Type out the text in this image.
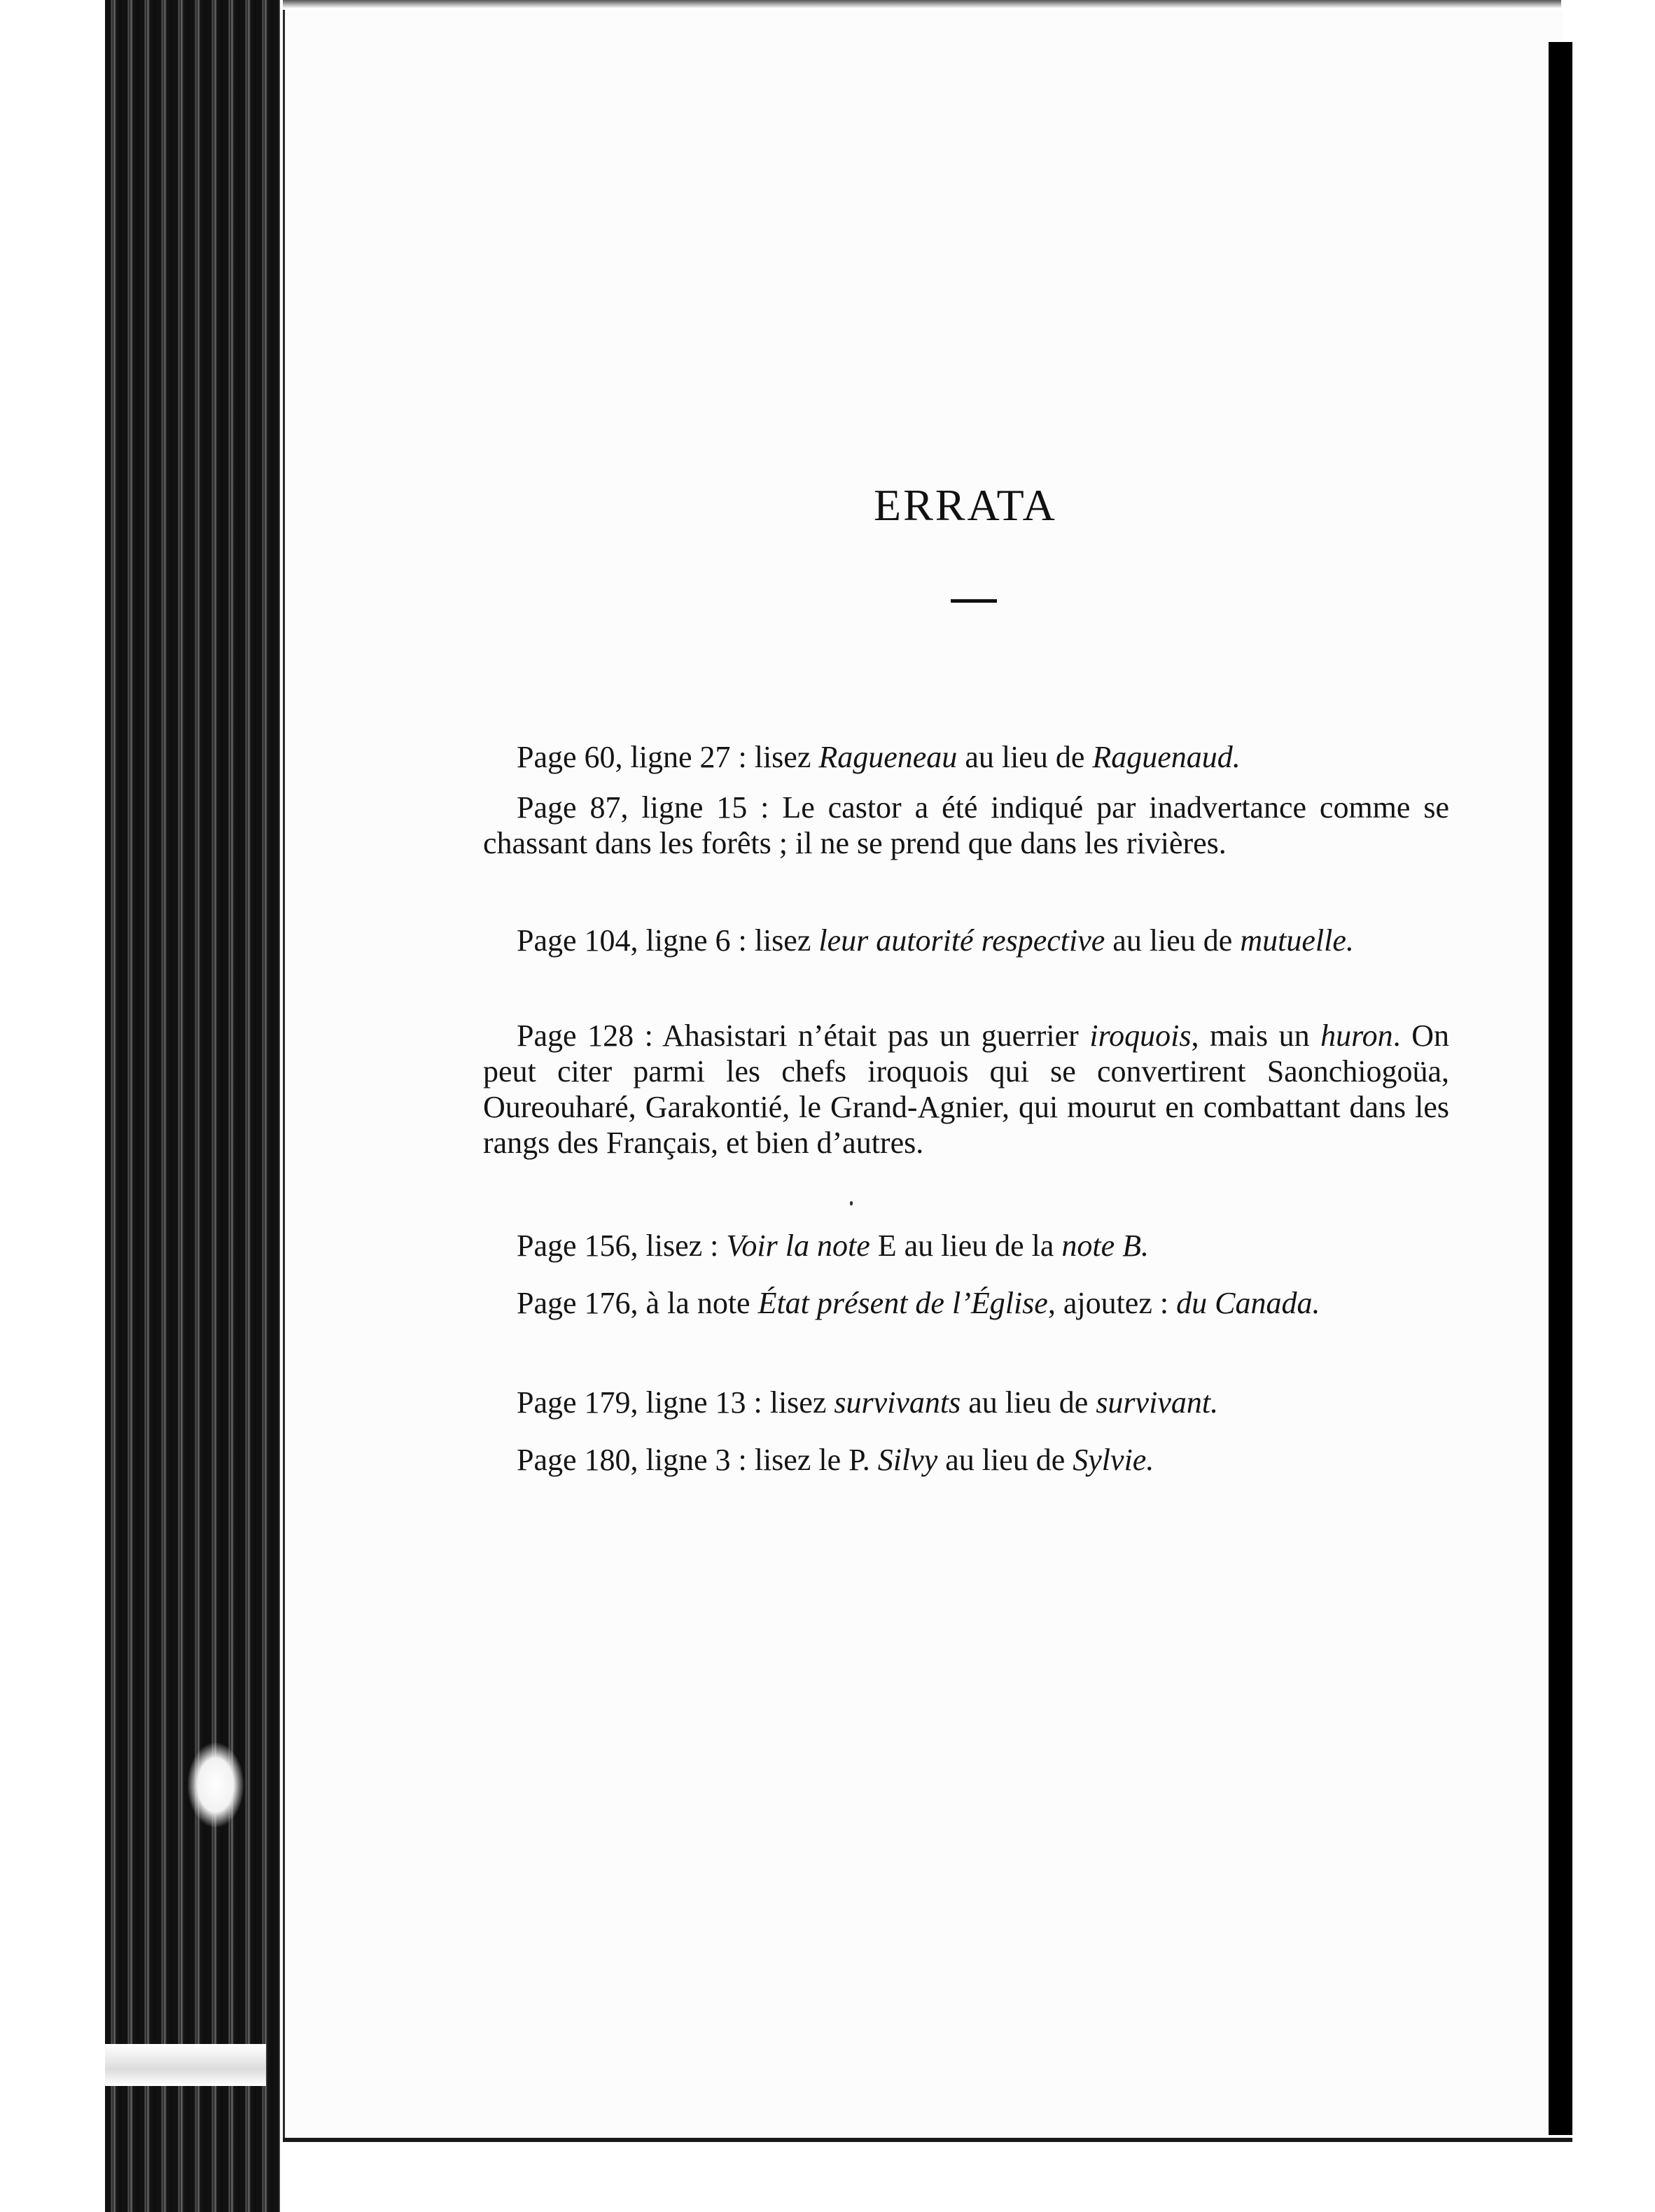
ERRATA
Page 60, ligne 27 : lisez Ragueneau au lieu de Raguenaud.
Page 87, ligne 15 : Le castor a été indiqué par inadvertance comme se chassant dans les forêts ; il ne se prend que dans les rivières.
Page 104, ligne 6 : lisez leur autorité respective au lieu de mutuelle.
Page 128 : Ahasistari n’était pas un guerrier iroquois, mais un huron. On peut citer parmi les chefs iroquois qui se convertirent Saonchiogoüa, Oureouharé, Garakontié, le Grand-Agnier, qui mourut en combattant dans les rangs des Français, et bien d’autres.
Page 156, lisez : Voir la note E au lieu de la note B.
Page 176, à la note État présent de l’Église, ajoutez : du Canada.
Page 179, ligne 13 : lisez survivants au lieu de survivant.
Page 180, ligne 3 : lisez le P. Silvy au lieu de Sylvie.
